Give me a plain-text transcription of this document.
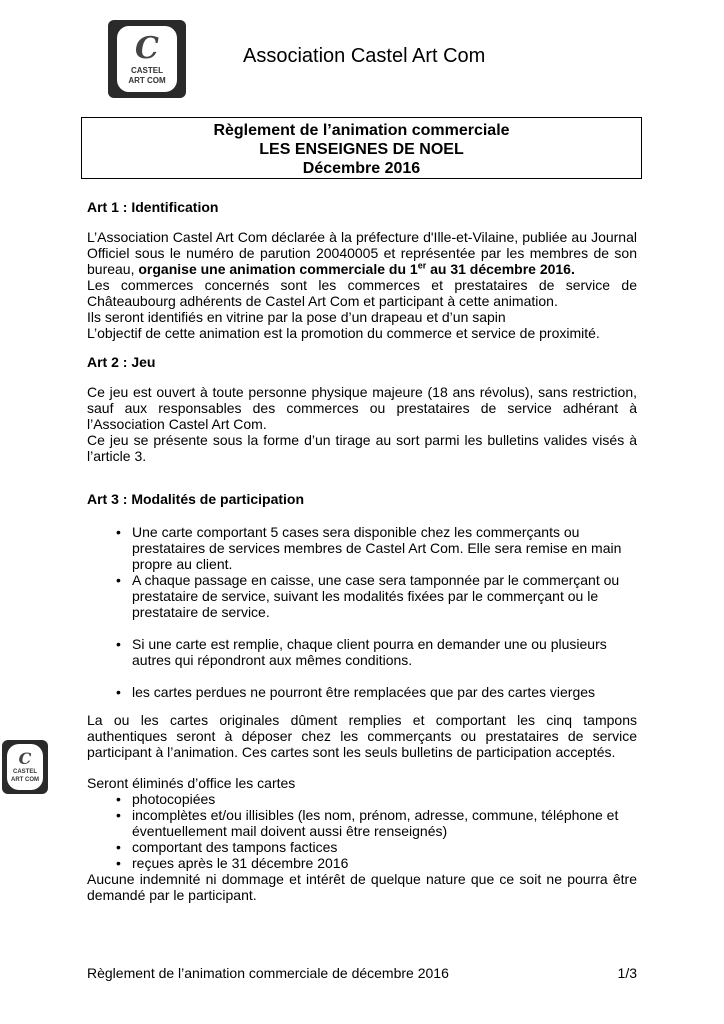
C
CASTEL
ART COM
Association Castel Art Com
Règlement de l’animation commerciale
LES ENSEIGNES DE NOEL
Décembre 2016
C
CASTEL
ART COM
Art 1 : Identification
L’Association Castel Art Com déclarée à la préfecture d'Ille-et-Vilaine, publiée au Journal Officiel sous le numéro de parution 20040005 et représentée par les membres de son bureau, organise une animation commerciale du 1er au 31 décembre 2016.
Les commerces concernés sont les commerces et prestataires de service de Châteaubourg adhérents de Castel Art Com et participant à cette animation.
Ils seront identifiés en vitrine par la pose d’un drapeau et d’un sapin
L’objectif de cette animation est la promotion du commerce et service de proximité.
Art 2 : Jeu
Ce jeu est ouvert à toute personne physique majeure (18 ans révolus), sans restriction, sauf aux responsables des commerces ou prestataires de service adhérant à l’Association Castel Art Com.
Ce jeu se présente sous la forme d’un tirage au sort parmi les bulletins valides visés à l’article 3.
Art 3 : Modalités de participation
• Une carte comportant 5 cases sera disponible chez les commerçants ou prestataires de services membres de Castel Art Com. Elle sera remise en main propre au client.
• A chaque passage en caisse, une case sera tamponnée par le commerçant ou prestataire de service, suivant les modalités fixées par le commerçant ou le prestataire de service.
• Si une carte est remplie, chaque client pourra en demander une ou plusieurs autres qui répondront aux mêmes conditions.
• les cartes perdues ne pourront être remplacées que par des cartes vierges
La ou les cartes originales dûment remplies et comportant les cinq tampons authentiques seront à déposer chez les commerçants ou prestataires de service participant à l’animation. Ces cartes sont les seuls bulletins de participation acceptés.
Seront éliminés d’office les cartes
• photocopiées
• incomplètes et/ou illisibles (les nom, prénom, adresse, commune, téléphone et éventuellement mail doivent aussi être renseignés)
• comportant des tampons factices
• reçues après le 31 décembre 2016
Aucune indemnité ni dommage et intérêt de quelque nature que ce soit ne pourra être demandé par le participant.
Règlement de l’animation commerciale de décembre 2016	1/3
